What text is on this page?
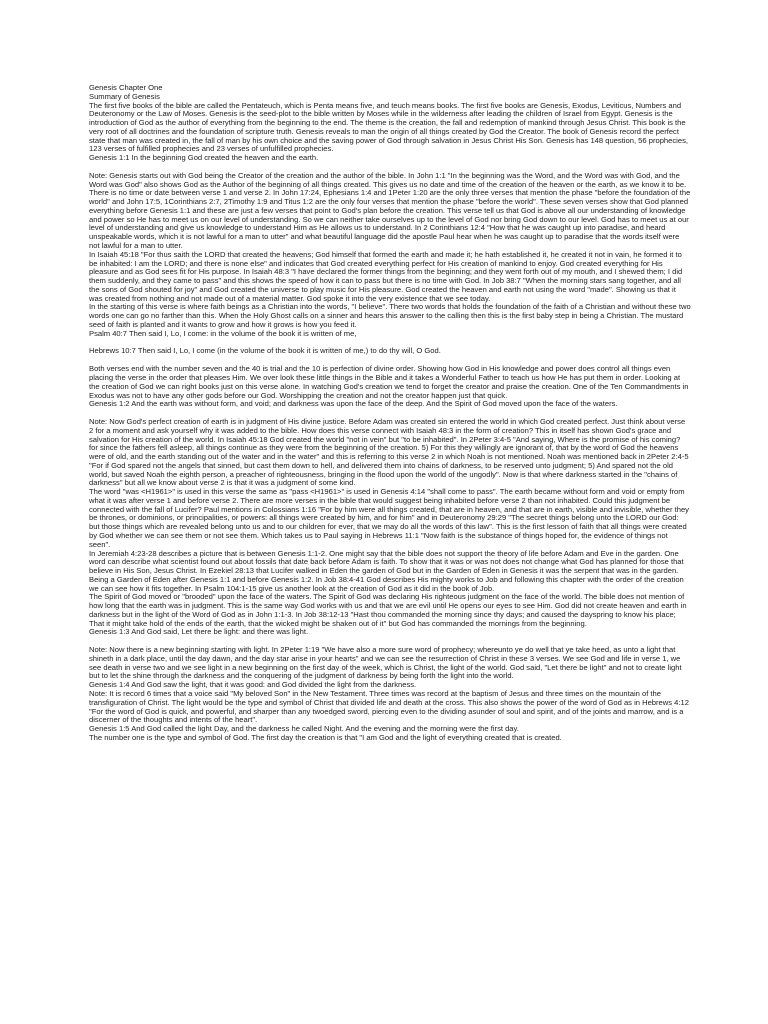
Genesis Chapter One

Summary of Genesis

The first five books of the bible are called the Pentateuch, which is Penta means five, and teuch means books. The first five books are Genesis, Exodus, Leviticus, Numbers and Deuteronomy or the Law of Moses. Genesis is the seed-plot to the bible written by Moses while in the wilderness after leading the children of Israel from Egypt. Genesis is the introduction of God as the author of everything from the beginning to the end. The theme is the creation, the fall and redemption of mankind through Jesus Christ. This book is the very root of all doctrines and the foundation of scripture truth. Genesis reveals to man the origin of all things created by God the Creator. The book of Genesis record the perfect state that man was created in, the fall of man by his own choice and the saving power of God through salvation in Jesus Christ His Son. Genesis has 148 question, 56 prophecies, 123 verses of fulfilled prophecies and 23 verses of unfulfilled prophecies.

Genesis 1:1 In the beginning God created the heaven and the earth.

Note: Genesis starts out with God being the Creator of the creation and the author of the bible. In John 1:1 "In the beginning was the Word, and the Word was with God, and the Word was God" also shows God as the Author of the beginning of all things created. This gives us no date and time of the creation of the heaven or the earth, as we know it to be. There is no time or date between verse 1 and verse 2. In John 17:24, Ephesians 1:4 and 1Peter 1:20 are the only three verses that mention the phase "before the foundation of the world" and John 17:5, 1Corinthians 2:7, 2Timothy 1:9 and Titus 1:2 are the only four verses that mention the phase "before the world". These seven verses show that God planned everything before Genesis 1:1 and these are just a few verses that point to God's plan before the creation. This verse tell us that God is above all our understanding of knowledge and power so He has to meet us on our level of understanding. So we can neither take ourselves up to the level of God nor bring God down to our level. God has to meet us at our level of understanding and give us knowledge to understand Him as He allows us to understand. In 2 Corinthians 12:4 "How that he was caught up into paradise, and heard unspeakable words, which it is not lawful for a man to utter" and what beautiful language did the apostle Paul hear when he was caught up to paradise that the words itself were not lawful for a man to utter.

In Isaiah 45:18 "For thus saith the LORD that created the heavens; God himself that formed the earth and made it; he hath established it, he created it not in vain, he formed it to be inhabited: I am the LORD; and there is none else" and indicates that God created everything perfect for His creation of mankind to enjoy. God created everything for His pleasure and as God sees fit for His purpose. In Isaiah 48:3 "I have declared the former things from the beginning; and they went forth out of my mouth, and I shewed them; I did them suddenly, and they came to pass" and this shows the speed of how it can to pass but there is no time with God. In Job 38:7 "When the morning stars sang together, and all the sons of God shouted for joy" and God created the universe to play music for His pleasure. God created the heaven and earth not using the word "made". Showing us that it was created from nothing and not made out of a material matter. God spoke it into the very existence that we see today.

In the starting of this verse is where faith beings as a Christian into the words, "I believe". There two words that holds the foundation of the faith of a Christian and without these two words one can go no farther than this. When the Holy Ghost calls on a sinner and hears this answer to the calling then this is the first baby step in being a Christian. The mustard seed of faith is planted and it wants to grow and how it grows is how you feed it.

Psalm 40:7 Then said I, Lo, I come: in the volume of the book it is written of me,

Hebrews 10:7 Then said I, Lo, I come (in the volume of the book it is written of me,) to do thy will, O God.

Both verses end with the number seven and the 40 is trial and the 10 is perfection of divine order. Showing how God in His knowledge and power does control all things even placing the verse in the order that pleases Him. We over look these little things in the Bible and it takes a Wonderful Father to teach us how He has put them in order. Looking at the creation of God we can right books just on this verse alone. In watching God's creation we tend to forget the creator and praise the creation. One of the Ten Commandments in Exodus was not to have any other gods before our God. Worshipping the creation and not the creator happen just that quick.

Genesis 1:2 And the earth was without form, and void; and darkness was upon the face of the deep. And the Spirit of God moved upon the face of the waters.

Note: Now God's perfect creation of earth is in judgment of His divine justice. Before Adam was created sin entered the world in which God created perfect. Just think about verse 2 for a moment and ask yourself why it was added to the bible. How does this verse connect with Isaiah 48:3 in the form of creation? This in itself has shown God's grace and salvation for His creation of the world. In Isaiah 45:18 God created the world "not in vein" but "to be inhabited". In 2Peter 3:4-5 "And saying, Where is the promise of his coming? for since the fathers fell asleep, all things continue as they were from the beginning of the creation. 5) For this they willingly are ignorant of, that by the word of God the heavens were of old, and the earth standing out of the water and in the water" and this is referring to this verse 2 in which Noah is not mentioned. Noah was mentioned back in 2Peter 2:4-5 "For if God spared not the angels that sinned, but cast them down to hell, and delivered them into chains of darkness, to be reserved unto judgment; 5) And spared not the old world, but saved Noah the eighth person, a preacher of righteousness, bringing in the flood upon the world of the ungodly". Now is that where darkness started in the "chains of darkness" but all we know about verse 2 is that it was a judgment of some kind.

The word "was <H1961>" is used in this verse the same as "pass <H1961>" is used in Genesis 4:14 "shall come to pass". The earth became without form and void or empty from what it was after verse 1 and before verse 2. There are more verses in the bible that would suggest being inhabited before verse 2 than not inhabited. Could this judgment be connected with the fall of Lucifer? Paul mentions in Colossians 1:16 "For by him were all things created, that are in heaven, and that are in earth, visible and invisible, whether they be thrones, or dominions, or principalities, or powers: all things were created by him, and for him" and in Deuteronomy 29:29 "The secret things belong unto the LORD our God: but those things which are revealed belong unto us and to our children for ever, that we may do all the words of this law". This is the first lesson of faith that all things were created by God whether we can see them or not see them. Which takes us to Paul saying in Hebrews 11:1 "Now faith is the substance of things hoped for, the evidence of things not seen".

In Jeremiah 4:23-28 describes a picture that is between Genesis 1:1-2. One might say that the bible does not support the theory of life before Adam and Eve in the garden. One word can describe what scientist found out about fossils that date back before Adam is faith. To show that it was or was not does not change what God has planned for those that believe in His Son, Jesus Christ. In Ezekiel 28:13 that Lucifer walked in Eden the garden of God but in the Garden of Eden in Genesis it was the serpent that was in the garden. Being a Garden of Eden after Genesis 1:1 and before Genesis 1:2. In Job 38:4-41 God describes His mighty works to Job and following this chapter with the order of the creation we can see how it fits together. In Psalm 104:1-15 give us another look at the creation of God as it did in the book of Job.

The Spirit of God moved or "brooded" upon the face of the waters. The Spirit of God was declaring His righteous judgment on the face of the world. The bible does not mention of how long that the earth was in judgment. This is the same way God works with us and that we are evil until He opens our eyes to see Him. God did not create heaven and earth in darkness but in the light of the Word of God as in John 1:1-3. In Job 38:12-13 "Hast thou commanded the morning since thy days; and caused the dayspring to know his place; That it might take hold of the ends of the earth, that the wicked might be shaken out of it" but God has commanded the mornings from the beginning.

Genesis 1:3 And God said, Let there be light: and there was light.

Note: Now there is a new beginning starting with light. In 2Peter 1:19 "We have also a more sure word of prophecy; whereunto ye do well that ye take heed, as unto a light that shineth in a dark place, until the day dawn, and the day star arise in your hearts" and we can see the resurrection of Christ in these 3 verses. We see God and life in verse 1, we see death in verse two and we see light in a new beginning on the first day of the week, which is Christ, the light of the world. God said, "Let there be light" and not to create light but to let the shine through the darkness and the conquering of the judgment of darkness by being forth the light into the world.

Genesis 1:4 And God saw the light, that it was good: and God divided the light from the darkness.

Note: It is record 6 times that a voice said "My beloved Son" in the New Testament. Three times was record at the baptism of Jesus and three times on the mountain of the transfiguration of Christ. The light would be the type and symbol of Christ that divided life and death at the cross. This also shows the power of the word of God as in Hebrews 4:12 "For the word of God is quick, and powerful, and sharper than any twoedged sword, piercing even to the dividing asunder of soul and spirit, and of the joints and marrow, and is a discerner of the thoughts and intents of the heart".

Genesis 1:5 And God called the light Day, and the darkness he called Night. And the evening and the morning were the first day.

The number one is the type and symbol of God. The first day the creation is that "I am God and the light of everything created that is created.
